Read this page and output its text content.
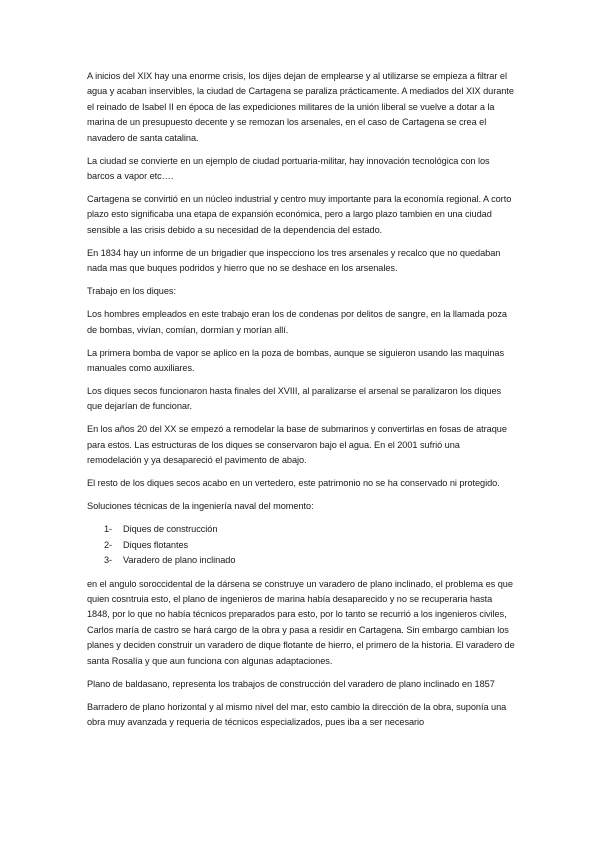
A inicios del XIX hay una enorme crisis, los dijes dejan de emplearse y al utilizarse se empieza a filtrar el agua y acaban inservibles, la ciudad de Cartagena se paraliza prácticamente. A mediados del XIX durante el reinado de Isabel II en época de las expediciones militares de la unión liberal se vuelve a dotar a la marina de un presupuesto decente y se remozan los arsenales, en el caso de Cartagena se crea el navadero de santa catalina.

La ciudad se convierte en un ejemplo de ciudad portuaria-militar, hay innovación tecnológica con los barcos a vapor etc….

Cartagena se convirtió en un núcleo industrial y centro muy importante para la economía regional. A corto plazo esto significaba una etapa de expansión económica, pero a largo plazo tambien en una ciudad sensible a las crisis debido a su necesidad de la dependencia del estado.

En 1834 hay un informe de un brigadier que inspecciono los tres arsenales y recalco que no quedaban nada mas que buques podridos y hierro que no se deshace en los arsenales.

Trabajo en los diques:

Los hombres empleados en este trabajo eran los de condenas por delitos de sangre, en la llamada poza de bombas, vivían, comían, dormían y morían allí.

La primera bomba de vapor se aplico en la poza de bombas, aunque se siguieron usando las maquinas manuales como auxiliares.

Los diques secos funcionaron hasta finales del XVIII, al paralizarse el arsenal se paralizaron los diques que dejarían de funcionar.

En los años 20 del XX se empezó a remodelar la base de submarinos y convertirlas en fosas de atraque para estos. Las estructuras de los diques se conservaron bajo el agua. En el 2001 sufrió una remodelación y ya desapareció el pavimento de abajo.

El resto de los diques secos acabo en un vertedero, este patrimonio no se ha conservado ni protegido.

Soluciones técnicas de la ingeniería naval del momento:

1-	Diques de construcción
2-	Diques flotantes
3-	Varadero de plano inclinado

en el angulo soroccidental de la dársena se construye un varadero de plano inclinado, el problema es que quien cosntruia esto, el plano de ingenieros de marina había desaparecido y no se recuperaria hasta 1848, por lo que no había técnicos preparados para esto, por lo tanto se recurrió a los ingenieros civiles, Carlos maría de castro se hará cargo de la obra y pasa a residir en Cartagena. Sin embargo cambian los planes y deciden construir un varadero de dique flotante de hierro, el primero de la historia. El varadero de santa Rosalía y que aun funciona con algunas adaptaciones.

Plano de baldasano, representa los trabajos de construcción del varadero de plano inclinado en 1857

Barradero de plano horizontal y al mismo nivel del mar, esto cambio la dirección de la obra, suponía una obra muy avanzada y requeria de técnicos especializados, pues iba a ser necesario
